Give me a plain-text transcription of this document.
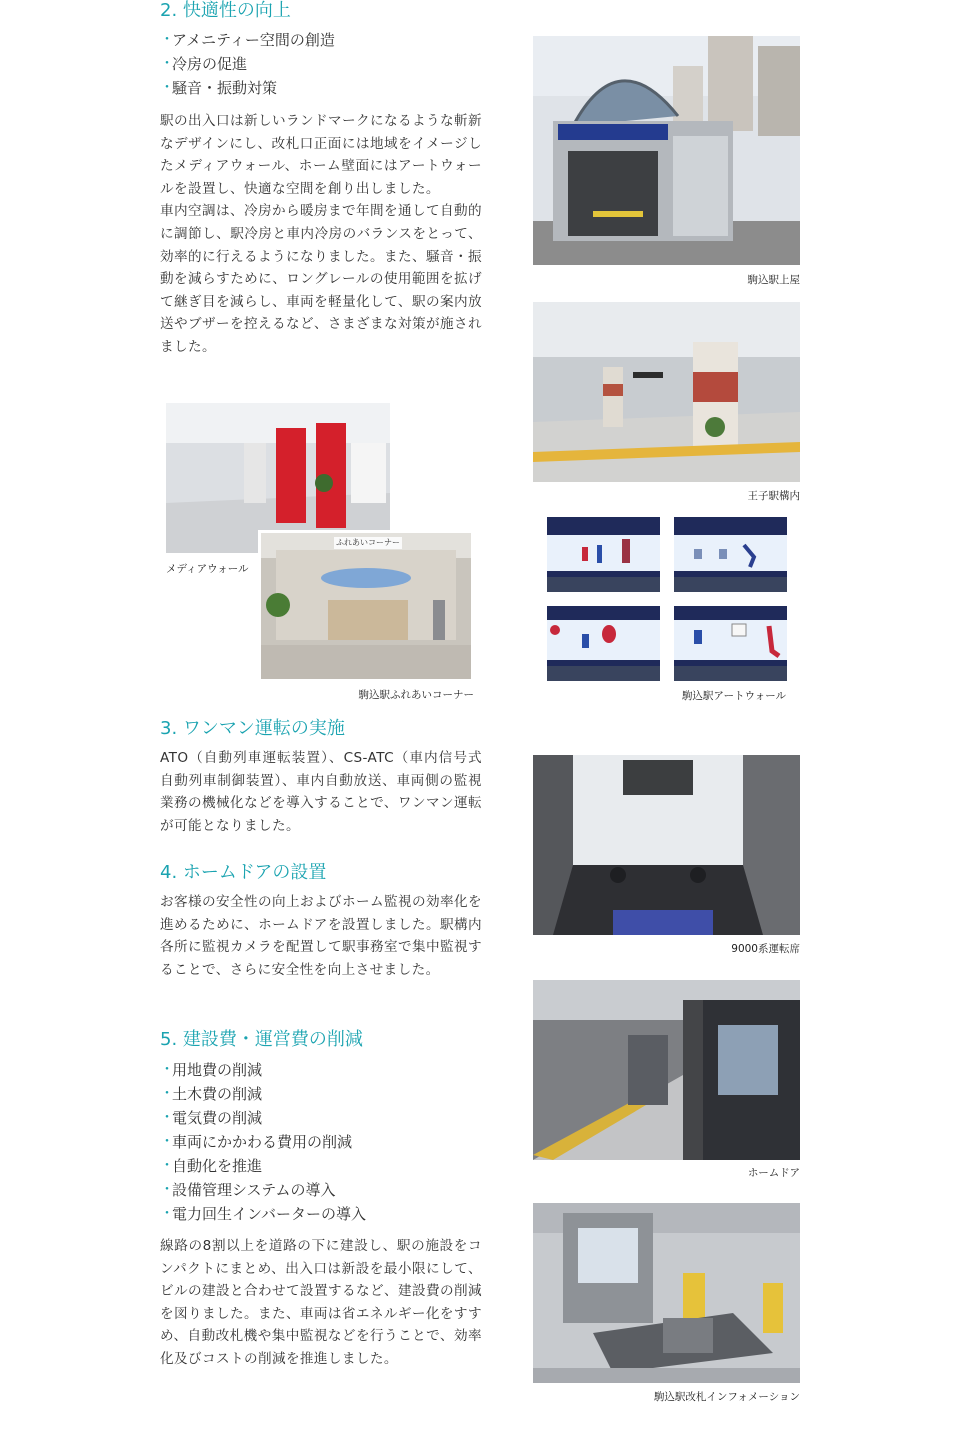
2. 快適性の向上
・
アメニティー空間の創造
・
冷房の促進
・
騒音・振動対策
駅の出入口は新しいランドマークになるような斬新なデザインにし、改札口正面には地域をイメージしたメディアウォール、ホーム壁面にはアートウォールを設置し、快適な空間を創り出しました。
車内空調は、冷房から暖房まで年間を通して自動的に調節し、駅冷房と車内冷房のバランスをとって、効率的に行えるようになりました。また、騒音・振動を減らすために、ロングレールの使用範囲を拡げて継ぎ目を減らし、車両を軽量化して、駅の案内放送やブザーを控えるなど、さまざまな対策が施されました。
駒込駅上屋
王子駅構内
メディアウォール
ふれあいコーナー
駒込駅ふれあいコーナー	駒込駅アートウォール
3. ワンマン運転の実施
ATO（自動列車運転装置）、CS-ATC（車内信号式自動列車制御装置）、車内自動放送、車両側の監視業務の機械化などを導入することで、ワンマン運転が可能となりました。
9000系運転席
4. ホームドアの設置
お客様の安全性の向上およびホーム監視の効率化を進めるために、ホームドアを設置しました。駅構内各所に監視カメラを配置して駅事務室で集中監視することで、さらに安全性を向上させました。
ホームドア
5. 建設費・運営費の削減
・
用地費の削減
・
土木費の削減
・
電気費の削減
・
車両にかかわる費用の削減
・
自動化を推進
・
設備管理システムの導入
・
電力回生インバーターの導入
線路の8割以上を道路の下に建設し、駅の施設をコンパクトにまとめ、出入口は新設を最小限にして、ビルの建設と合わせて設置するなど、建設費の削減を図りました。また、車両は省エネルギー化をすすめ、自動改札機や集中監視などを行うことで、効率化及びコストの削減を推進しました。
駒込駅改札インフォメーション
